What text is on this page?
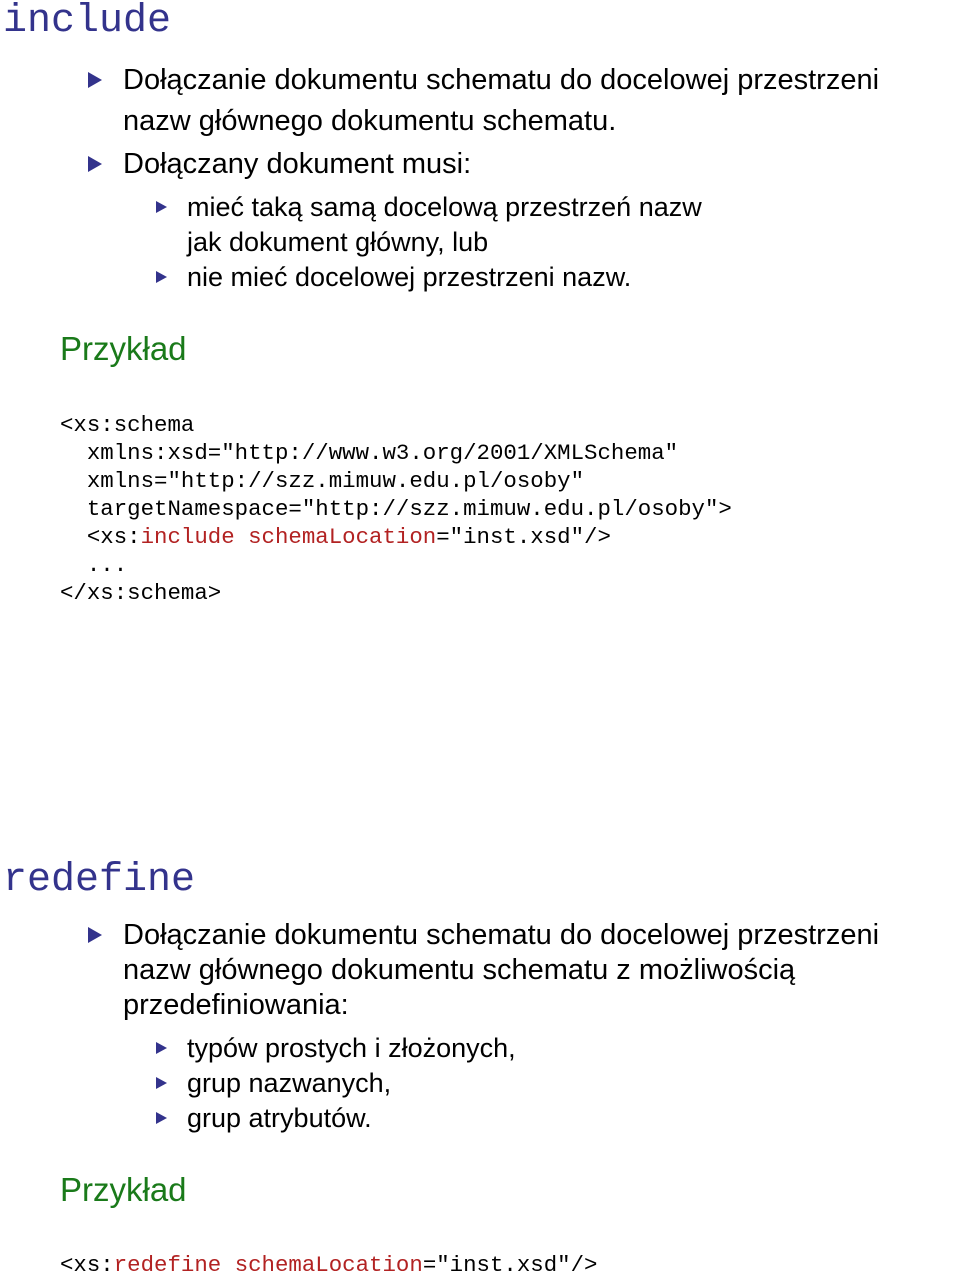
include
Dołączanie dokumentu schematu do docelowej przestrzeni
nazw głównego dokumentu schematu.
Dołączany dokument musi:
mieć taką samą docelową przestrzeń nazw
jak dokument główny, lub
nie mieć docelowej przestrzeni nazw.
Przykład
<xs:schema
xmlns:xsd="http://www.w3.org/2001/XMLSchema"
xmlns="http://szz.mimuw.edu.pl/osoby"
targetNamespace="http://szz.mimuw.edu.pl/osoby">
<xs:include schemaLocation="inst.xsd"/>
...
</xs:schema>
redefine
Dołączanie dokumentu schematu do docelowej przestrzeni
nazw głównego dokumentu schematu z możliwością
przedefiniowania:
typów prostych i złożonych,
grup nazwanych,
grup atrybutów.
Przykład
<xs:redefine schemaLocation="inst.xsd"/>
